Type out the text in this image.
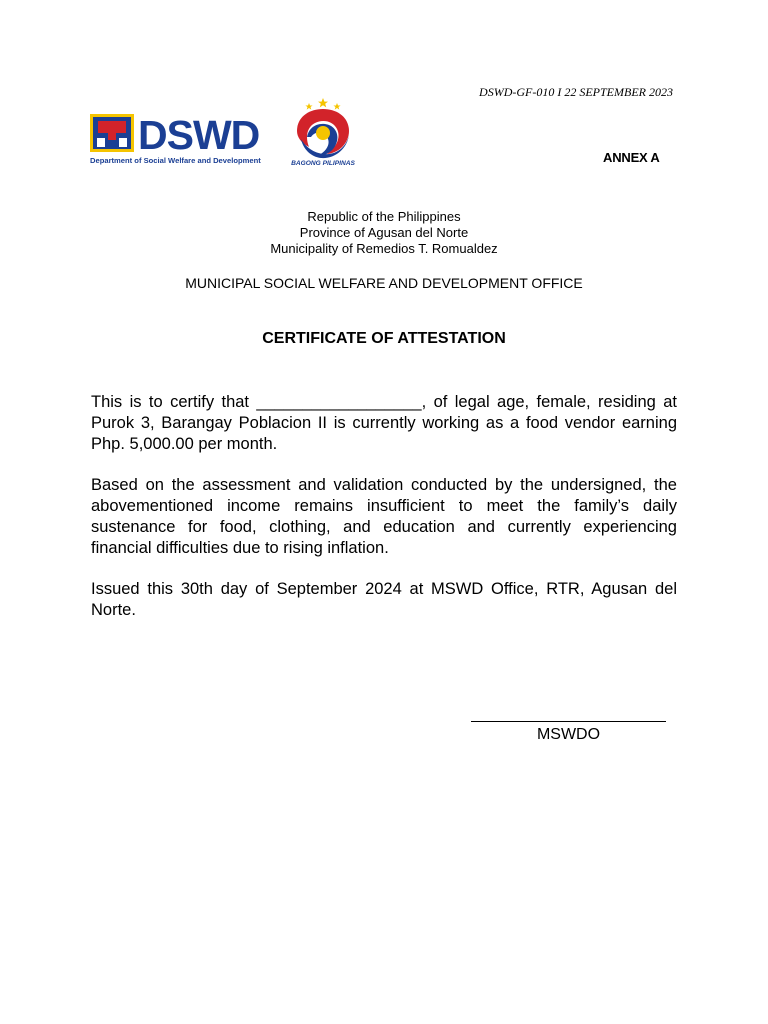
DSWD-GF-010 I 22 SEPTEMBER 2023
DSWD
Department of Social Welfare and Development	BAGONG PILIPINAS	ANNEX A
Republic of the Philippines
Province of Agusan del Norte
Municipality of Remedios T. Romualdez
MUNICIPAL SOCIAL WELFARE AND DEVELOPMENT OFFICE
CERTIFICATE OF ATTESTATION
This is to certify that __________________, of legal age, female, residing at Purok 3, Barangay Poblacion II is currently working as a food vendor earning Php. 5,000.00 per month.
Based on the assessment and validation conducted by the undersigned, the abovementioned income remains insufficient to meet the family’s daily sustenance for food, clothing, and education and currently experiencing financial difficulties due to rising inflation.
Issued this 30th day of September 2024 at MSWD Office, RTR, Agusan del Norte.
MSWDO
